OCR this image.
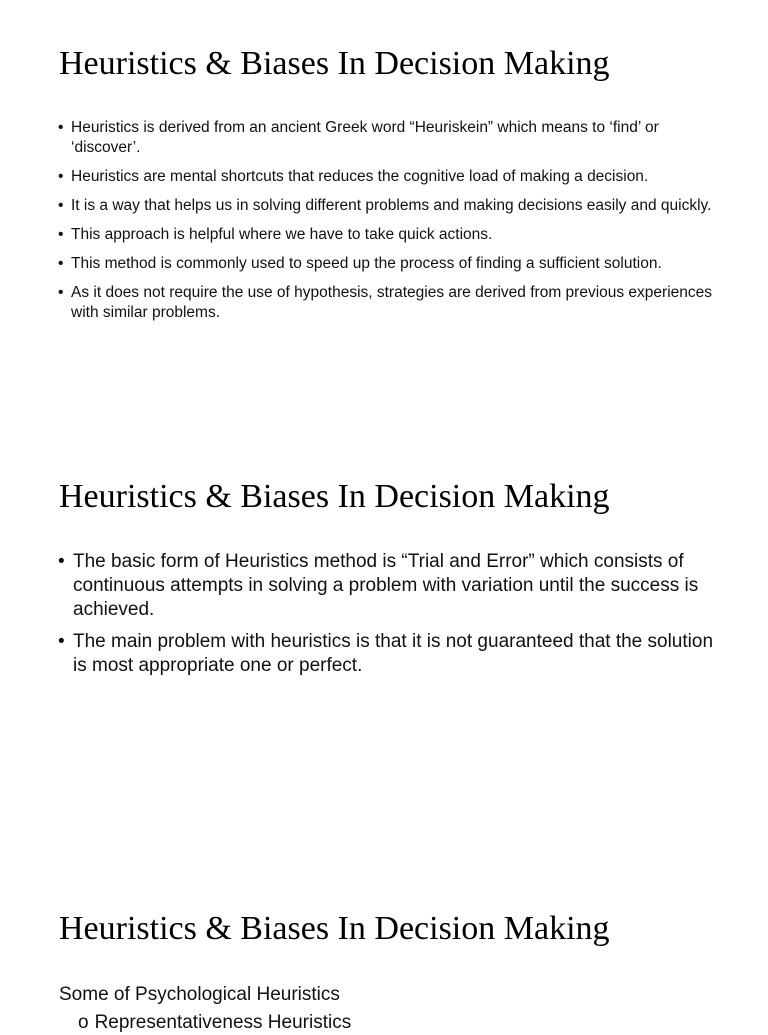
Heuristics & Biases In Decision Making
• Heuristics is derived from an ancient Greek word “Heuriskein” which means to ‘find’ or ‘discover’.
• Heuristics are mental shortcuts that reduces the cognitive load of making a decision.
• It is a way that helps us in solving different problems and making decisions easily and quickly.
• This approach is helpful where we have to take quick actions.
• This method is commonly used to speed up the process of finding a sufficient solution.
• As it does not require the use of hypothesis, strategies are derived from previous experiences with similar problems.
Heuristics & Biases In Decision Making
• The basic form of Heuristics method is “Trial and Error” which consists of continuous attempts in solving a problem with variation until the success is achieved.
• The main problem with heuristics is that it is not guaranteed that the solution is most appropriate one or perfect.
Heuristics & Biases In Decision Making

Some of Psychological Heuristics

o Representativeness Heuristics
